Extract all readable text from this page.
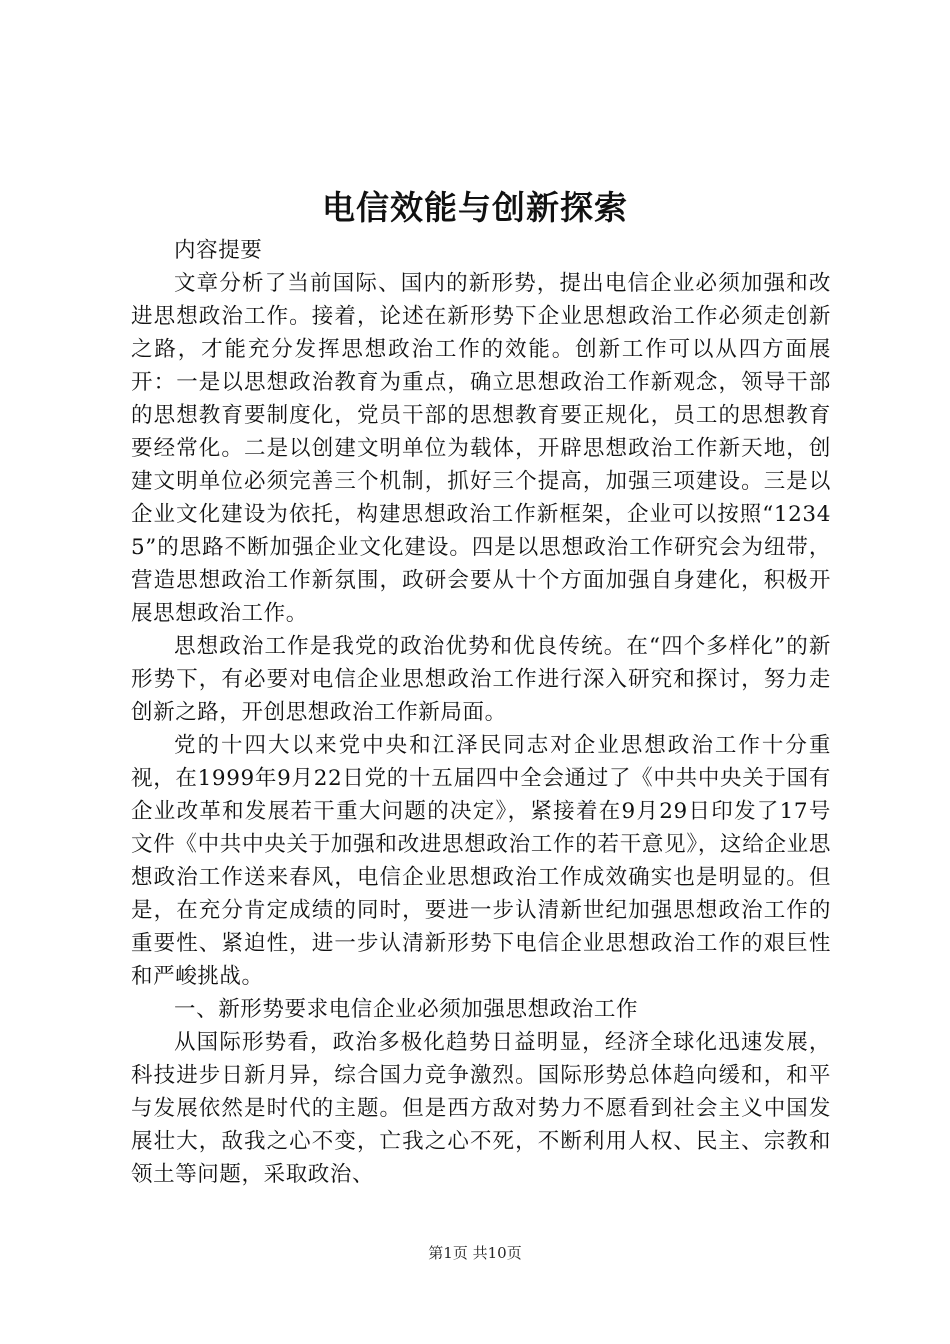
电信效能与创新探索

内容提要

文章分析了当前国际、国内的新形势，提出电信企业必须加强和改进思想政治工作。接着，论述在新形势下企业思想政治工作必须走创新之路，才能充分发挥思想政治工作的效能。创新工作可以从四方面展开：一是以思想政治教育为重点，确立思想政治工作新观念，领导干部的思想教育要制度化，党员干部的思想教育要正规化，员工的思想教育要经常化。二是以创建文明单位为载体，开辟思想政治工作新天地，创建文明单位必须完善三个机制，抓好三个提高，加强三项建设。三是以企业文化建设为依托，构建思想政治工作新框架，企业可以按照“12345”的思路不断加强企业文化建设。四是以思想政治工作研究会为纽带，营造思想政治工作新氛围，政研会要从十个方面加强自身建化，积极开展思想政治工作。

思想政治工作是我党的政治优势和优良传统。在“四个多样化”的新形势下，有必要对电信企业思想政治工作进行深入研究和探讨，努力走创新之路，开创思想政治工作新局面。

党的十四大以来党中央和江泽民同志对企业思想政治工作十分重视，在1999年9月22日党的十五届四中全会通过了《中共中央关于国有企业改革和发展若干重大问题的决定》，紧接着在9月29日印发了17号文件《中共中央关于加强和改进思想政治工作的若干意见》，这给企业思想政治工作送来春风，电信企业思想政治工作成效确实也是明显的。但是，在充分肯定成绩的同时，要进一步认清新世纪加强思想政治工作的重要性、紧迫性，进一步认清新形势下电信企业思想政治工作的艰巨性和严峻挑战。

一、新形势要求电信企业必须加强思想政治工作

从国际形势看，政治多极化趋势日益明显，经济全球化迅速发展，科技进步日新月异，综合国力竞争激烈。国际形势总体趋向缓和，和平与发展依然是时代的主题。但是西方敌对势力不愿看到社会主义中国发展壮大，敌我之心不变，亡我之心不死，不断利用人权、民主、宗教和领土等问题，采取政治、

第1页 共10页
